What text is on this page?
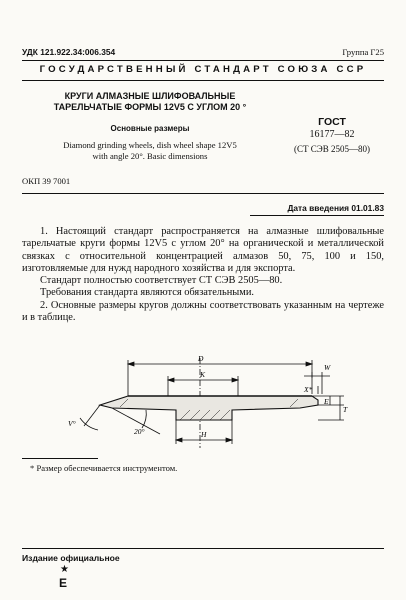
УДК 121.922.34:006.354	Группа Г25
ГОСУДАРСТВЕННЫЙ СТАНДАРТ СОЮЗА ССР
КРУГИ АЛМАЗНЫЕ ШЛИФОВАЛЬНЫЕ
ТАРЕЛЬЧАТЫЕ ФОРМЫ 12V5 С УГЛОМ 20 °
Основные размеры
Diamond grinding wheels, dish wheel shape 12V5
with angle 20°. Basic dimensions
ГОСТ
16177—82
(СТ СЭВ 2505—80)
ОКП 39 7001
Дата введения 01.01.83

1. Настоящий стандарт распространяется на алмазные шлифовальные тарельчатые круги формы 12V5 с углом 20° на органической и металлической связках с относительной концентрацией алмазов 50, 75, 100 и 150, изготовляемые для нужд народного хозяйства и для экспорта.

Стандарт полностью соответствует СТ СЭВ 2505—80.

Требования стандарта являются обязательными.

2. Основные размеры кругов должны соответствовать указанным на чертеже и в таблице.

D
K
H
W
X*
E
T
V°
20°
* Размер обеспечивается инструментом.
Издание официальное
★
Е
